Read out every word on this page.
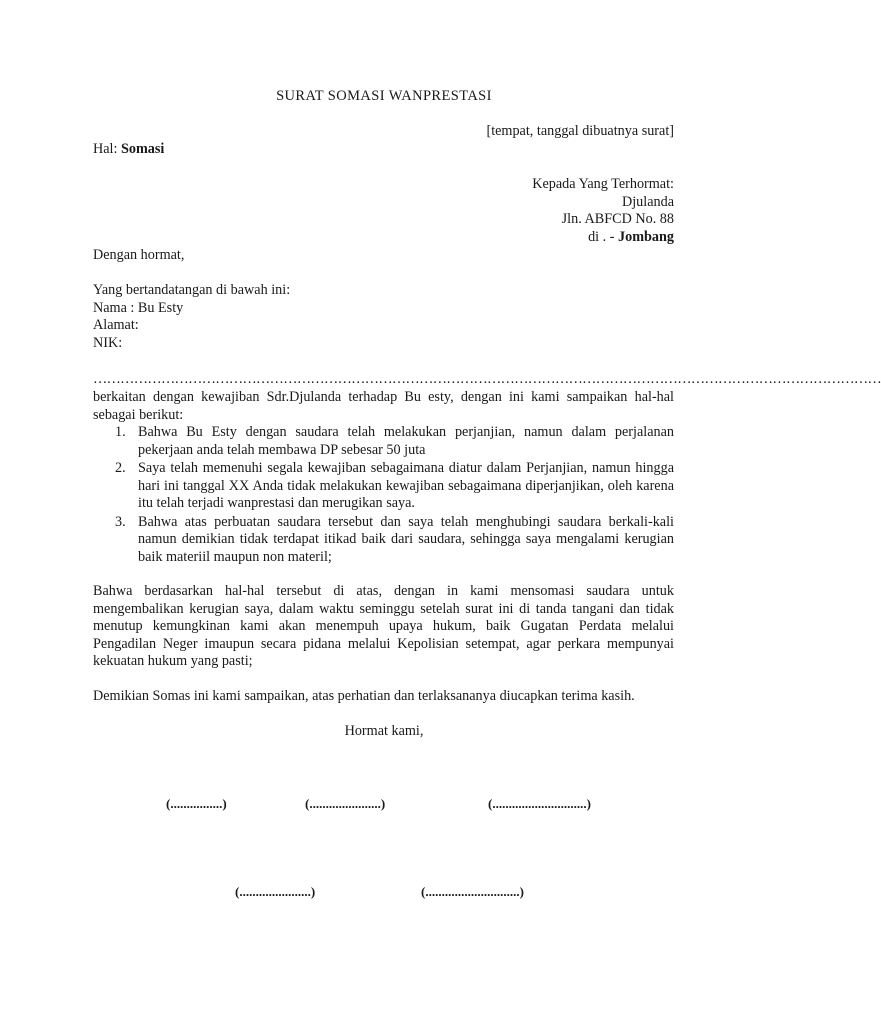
SURAT SOMASI WANPRESTASI
[tempat, tanggal dibuatnya surat]
Hal: Somasi
Kepada Yang Terhormat:
Djulanda
Jln. ABFCD No. 88
di . - Jombang
Dengan hormat,
Yang bertandatangan di bawah ini:
Nama : Bu Esty
Alamat:
NIK:
…………………………………………………………………………………………………………………………………………………………
berkaitan dengan kewajiban Sdr.Djulanda terhadap Bu esty, dengan ini kami sampaikan hal-hal sebagai berikut:
1. Bahwa Bu Esty dengan saudara telah melakukan perjanjian, namun dalam perjalanan pekerjaan anda telah membawa DP sebesar 50 juta
2. Saya telah memenuhi segala kewajiban sebagaimana diatur dalam Perjanjian, namun hingga hari ini tanggal XX Anda tidak melakukan kewajiban sebagaimana diperjanjikan, oleh karena itu telah terjadi wanprestasi dan merugikan saya.
3. Bahwa atas perbuatan saudara tersebut dan saya telah menghubingi saudara berkali-kali namun demikian tidak terdapat itikad baik dari saudara, sehingga saya mengalami kerugian baik materiil maupun non materil;
Bahwa berdasarkan hal-hal tersebut di atas, dengan in kami mensomasi saudara untuk mengembalikan kerugian saya, dalam waktu seminggu setelah surat ini di tanda tangani dan tidak menutup kemungkinan kami akan menempuh upaya hukum, baik Gugatan Perdata melalui Pengadilan Neger imaupun secara pidana melalui Kepolisian setempat, agar perkara mempunyai kekuatan hukum yang pasti;
Demikian Somas ini kami sampaikan, atas perhatian dan terlaksananya diucapkan terima kasih.
Hormat kami,
(................)	(......................)	(.............................)
(......................)	(.............................)
